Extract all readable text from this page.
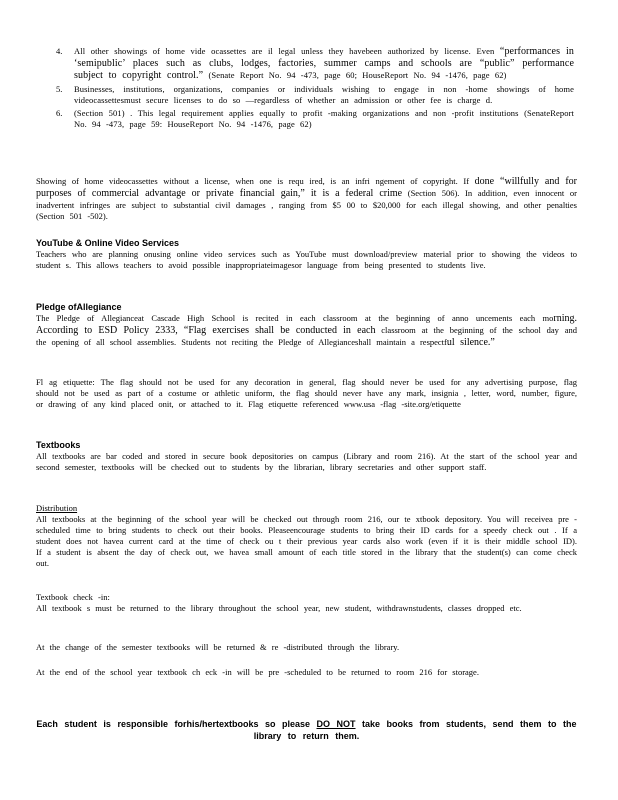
4. All other showings of home vide ocassettes are il legal unless they havebeen authorized by license. Even “performances in ‘semipublic’ places such as clubs, lodges, factories, summer camps and schools are “public” performance subject to copyright control.” (Senate Report No. 94 -473, page 60; HouseReport No. 94 -1476, page 62)
5. Businesses, institutions, organizations, companies or individuals wishing to engage in non -home showings of home videocassettesmust secure licenses to do so —regardless of whether an admission or other fee is charge d.
6. (Section 501) . This legal requirement applies equally to profit -making organizations and non -profit institutions (SenateReport No. 94 -473, page 59: HouseReport No. 94 -1476, page 62)
Showing of home videocassettes without a license, when one is requ ired, is an infri ngement of copyright. If done “willfully and for purposes of commercial advantage or private financial gain,” it is a federal crime (Section 506). In addition, even innocent or inadvertent infringes are subject to substantial civil damages , ranging from $5 00 to $20,000 for each illegal showing, and other penalties (Section 501 -502).
YouTube & Online Video Services
Teachers who are planning onusing online video services such as YouTube must download/preview material prior to showing the videos to student s. This allows teachers to avoid possible inappropriateimagesor language from being presented to students live.
Pledge ofAllegiance
The Pledge of Allegianceat Cascade High School is recited in each classroom at the beginning of anno uncements each morning. According to ESD Policy 2333, “Flag exercises shall be conducted in each classroom at the beginning of the school day and the opening of all school assemblies. Students not reciting the Pledge of Allegianceshall maintain a respectful silence.”
Fl ag etiquette: The flag should not be used for any decoration in general, flag should never be used for any advertising purpose, flag should not be used as part of a costume or athletic uniform, the flag should never have any mark, insignia , letter, word, number, figure, or drawing of any kind placed onit, or attached to it. Flag etiquette referenced www.usa -flag -site.org/etiquette
Textbooks
All textbooks are bar coded and stored in secure book depositories on campus (Library and room 216). At the start of the school year and second semester, textbooks will be checked out to students by the librarian, library secretaries and other support staff.
Distribution
All textbooks at the beginning of the school year will be checked out through room 216, our te xtbook depository. You will receivea pre -scheduled time to bring students to check out their books. Pleaseencourage students to bring their ID cards for a speedy check out . If a student does not havea current card at the time of check ou t their previous year cards also work (even if it is their middle school ID). If a student is absent the day of check out, we havea small amount of each title stored in the library that the student(s) can come check out.
Textbook check -in:
All textbook s must be returned to the library throughout the school year, new student, withdrawnstudents, classes dropped etc.
At the change of the semester textbooks will be returned & re -distributed through the library.
At the end of the school year textbook ch eck -in will be pre -scheduled to be returned to room 216 for storage.
Each student is responsible forhis/hertextbooks so please DO NOT take books from students, send them to the library to return them.
